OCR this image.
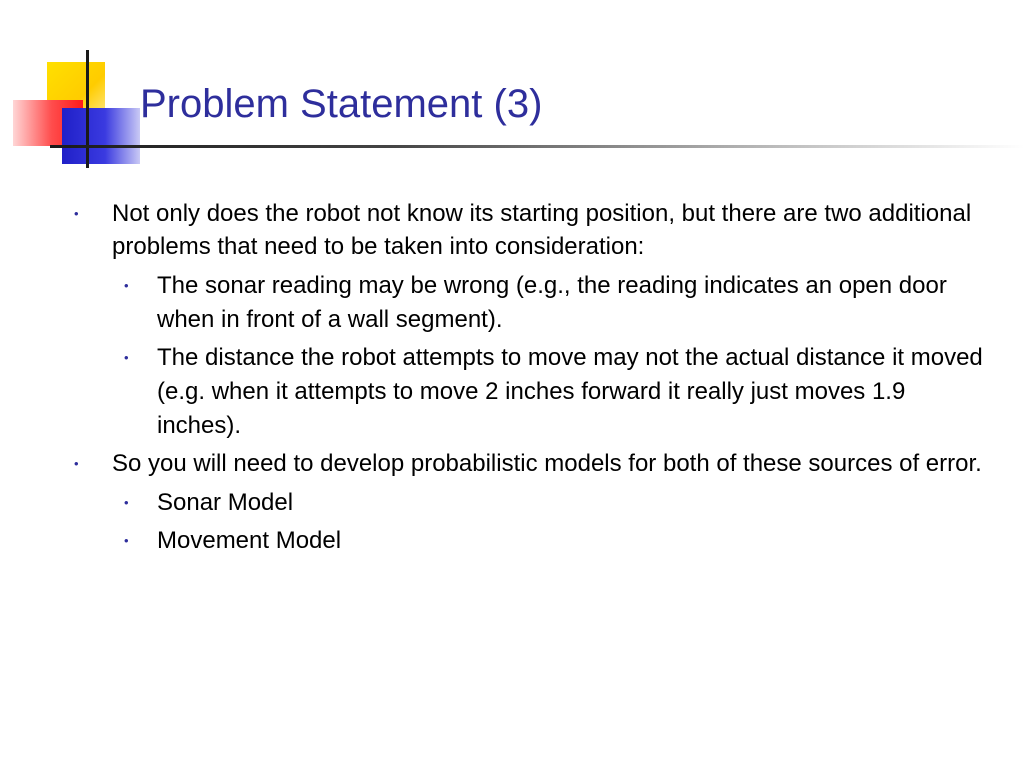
Problem Statement (3)
• Not only does the robot not know its starting position, but there are two additional problems that need to be taken into consideration:
• The sonar reading may be wrong (e.g., the reading indicates an open door when in front of a wall segment).
• The distance the robot attempts to move may not the actual distance it moved (e.g. when it attempts to move 2 inches forward it really just moves 1.9 inches).
• So you will need to develop probabilistic models for both of these sources of error.
• Sonar Model
• Movement Model
